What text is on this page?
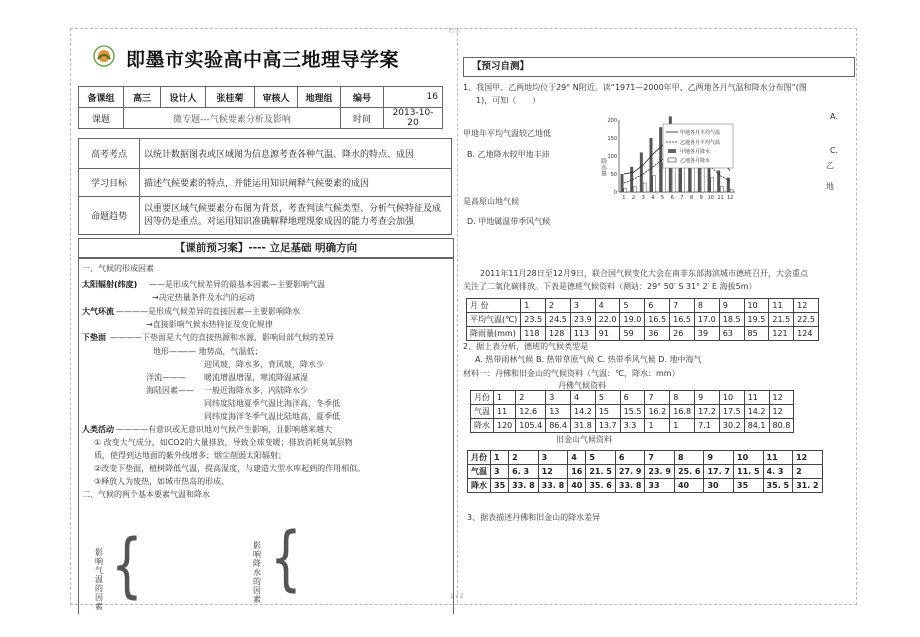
精品
即墨市实验高中高三地理导学案
备课组	高三	设计人	张桂菊	审核人	地理组	编号	16
课题	微专题---气候要素分析及影响					时间	2013-10-20
高考考点	以统计数据图表或区域图为信息源考查各种气温、降水的特点、成因
学习目标	描述气候要素的特点，并能运用知识阐释气候要素的成因
命题趋势	以重要区域气候要素分布图为背景，考查判读气候类型、分析气候特征及成因等仍是重点。对运用知识准确解释地理现象成因的能力考查会加强
【课前预习案】---- 立足基础 明确方向
一、气候的形成因素
太阳辐射(纬度) ——是形成气候差异的最基本因素—主要影响气温
→决定热量条件及水汽的运动
大气环流 ————是形成气候差异的直接因素—主要影响降水
→直接影响气候水热特征及变化规律
下垫面 ————下垫面是大气的直接热源和水源，影响局部气候的差异
地形——
—— 地势高，气温低；
迎风坡，降水多，背风坡，降水少
洋流——— 暖流增温增湿，寒流降温减湿
海陆因素—— 一般近海降水多，内陆降水少
同纬度陆地夏季气温比海洋高，冬季低
同纬度海洋冬季气温比陆地高，夏季低
人类活动 ————有意识或无意识地对气候产生影响，且影响越来越大
① 改变大气成分，如CO2的大量排放，导致全球变暖；排放消耗臭氧层物
质，使得到达地面的紫外线增多；烟尘削弱太阳辐射；
②改变下垫面，植树降低气温，提高湿度，与建造大型水库起到的作用相似。
③释放人为废热，如城市热岛的形成。
二、气候的两个基本要素气温和降水
影响气温的因素
{	影响降水的因素
{
【预习自测】
1、我国甲、乙两地均位于29° N附近。读“1971—2000年甲、乙两地各月气温和降水分布图”(图
1)，可知（　　）
A.
甲地年平均气温较乙地低
B. 乙地降水较甲地丰沛	C.
乙
地
是高原山地气候
D. 甲地属温带季风气候
降水量
200
150
100
50
0
1 2 3 4 5 6 7 8 9 10 11 12
甲地各月平均气温
乙地各月平均气温
甲地各月降水
乙地各月降水
2011年11月28日至12月9日，联合国气候变化大会在南非东部海滨城市德班召开，大会重点
关注了二氧化碳排放。下表是德班气候资料（测站：29° 50′ S 31° 2′ E 海拔5m）
月 份	1	2	3	4	5	6	7	8	9	10	11	12
平均气温(℃)	23.5	24.5	23.9	22.0	19.0	16.5	16.5	17.0	18.5	19.5	21.5	22.5
降雨量(mm)	118	128	113	91	59	36	26	39	63	85	121	124
2、据上表分析，德班的气候类型是
A. 热带雨林气候 B. 热带草原气候 C. 热带季风气候 D. 地中海气
材料一：丹佛和旧金山的气候资料（气温：℃，降水：mm）
丹佛气候资料
月份	1	2	3	4	5	6	7	8	9	10	11	12
气温	11	12.6	13	14.2	15	15.5	16.2	16.8	17.2	17.5	14.2	12
降水	120	105.4	86.4	31.8	13.7	3.3	1	1	7.1	30.2	84.1	80.8
旧金山气候资料
月份	1	2	3	4	5	6	7	8	9	10	11	12
气温	3	6. 3	12	16	21. 5	27. 9	23. 9	25. 6	17. 7	11. 5	4. 3	2
降水	35	33. 8	33. 8	40	35. 6	33. 8	33	40	30	35	35. 5	31. 2
3、据表描述丹佛和旧金山的降水差异
1 / 2
